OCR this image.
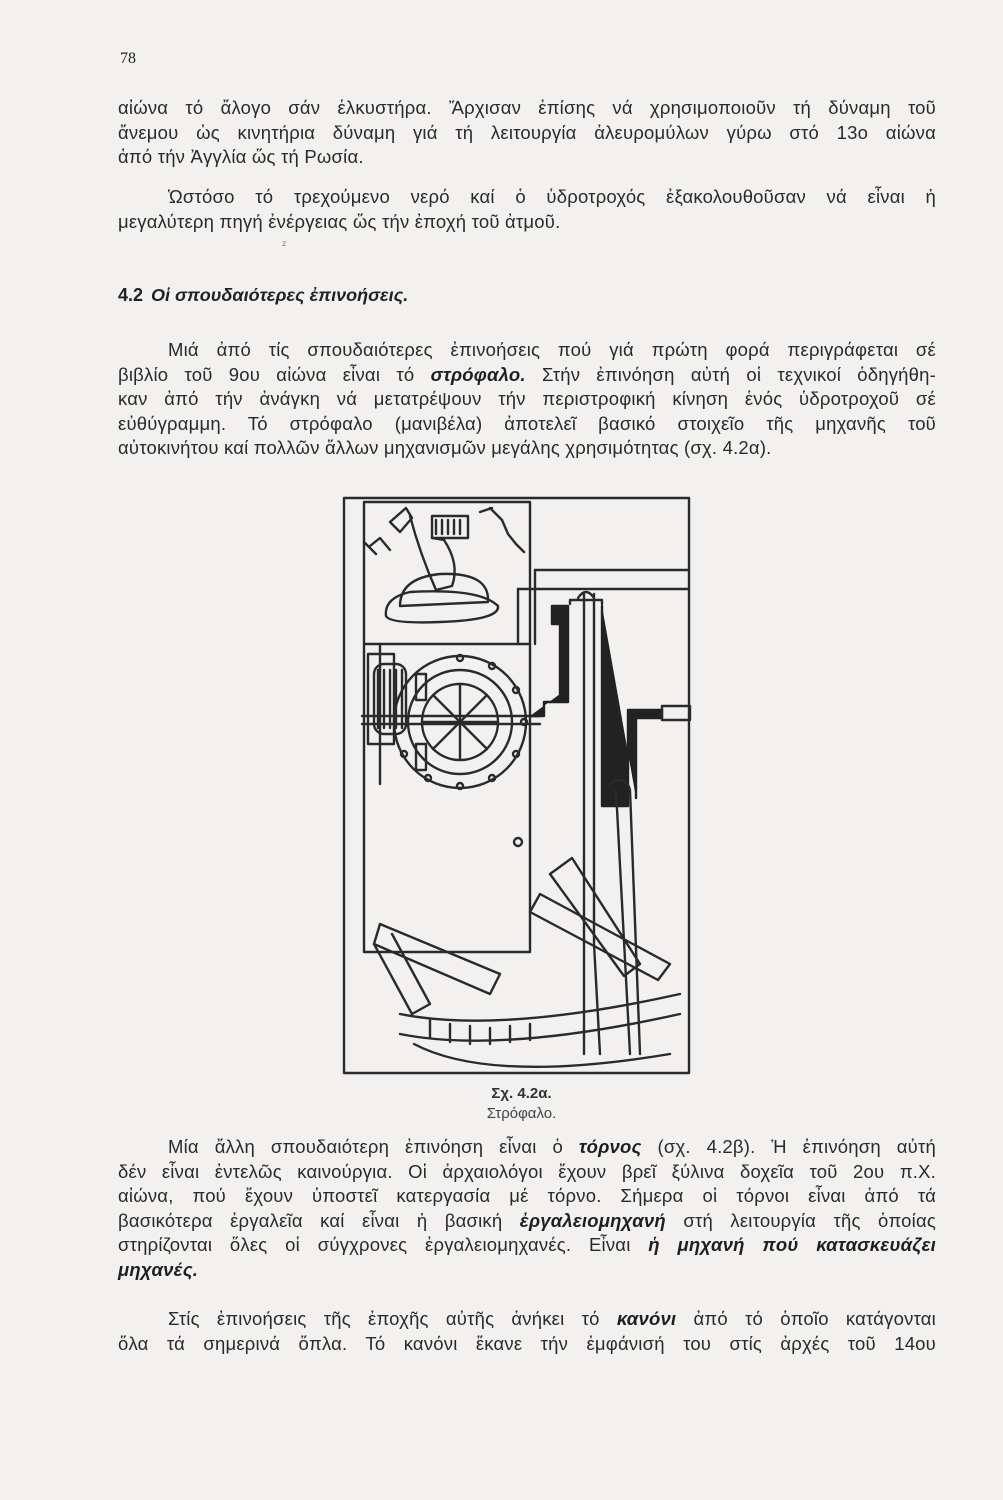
78
αἰώνα τό ἄλογο σάν ἑλκυστήρα. Ἄρχισαν ἐπίσης νά χρησιμοποιοῦν τή δύναμη τοῦ
ἄνεμου ὡς κινητήρια δύναμη γιά τή λειτουργία ἀλευρομύλων γύρω στό 13ο αἰώνα
ἀπό τήν Ἀγγλία ὥς τή Ρωσία.
Ὡστόσο τό τρεχούμενο νερό καί ὁ ὑδροτροχός ἐξακολουθοῦσαν νά εἶναι ἡ
μεγαλύτερη πηγή ἐνέργειας ὥς τήν ἐποχή τοῦ ἀτμοῦ.
ᶻ
4.2 Οἱ σπουδαιότερες ἐπινοήσεις.
Μιά ἀπό τίς σπουδαιότερες ἐπινοήσεις πού γιά πρώτη φορά περιγράφεται σέ
βιβλίο τοῦ 9ου αἰώνα εἶναι τό στρόφαλο. Στήν ἐπινόηση αὐτή οἱ τεχνικοί ὁδηγήθη-
καν ἀπό τήν ἀνάγκη νά μετατρέψουν τήν περιστροφική κίνηση ἑνός ὑδροτροχοῦ σέ
εὐθύγραμμη. Τό στρόφαλο (μανιβέλα) ἀποτελεῖ βασικό στοιχεῖο τῆς μηχανῆς τοῦ
αὐτοκινήτου καί πολλῶν ἄλλων μηχανισμῶν μεγάλης χρησιμότητας (σχ. 4.2α).
Σχ. 4.2α.
Στρόφαλο.
Μία ἄλλη σπουδαιότερη ἐπινόηση εἶναι ὁ τόρνος (σχ. 4.2β). Ἡ ἐπινόηση αὐτή
δέν εἶναι ἐντελῶς καινούργια. Οἱ ἀρχαιολόγοι ἔχουν βρεῖ ξύλινα δοχεῖα τοῦ 2ου π.Χ.
αἰώνα, πού ἔχουν ὑποστεῖ κατεργασία μέ τόρνο. Σήμερα οἱ τόρνοι εἶναι ἀπό τά
βασικότερα ἐργαλεῖα καί εἶναι ἡ βασική ἐργαλειομηχανή στή λειτουργία τῆς ὁποίας
στηρίζονται ὅλες οἱ σύγχρονες ἐργαλειομηχανές. Εἶναι ἡ μηχανή πού κατασκευάζει
μηχανές.
Στίς ἐπινοήσεις τῆς ἐποχῆς αὐτῆς ἀνήκει τό κανόνι ἀπό τό ὁποῖο κατάγονται
ὅλα τά σημερινά ὅπλα. Τό κανόνι ἔκανε τήν ἐμφάνισή του στίς ἀρχές τοῦ 14ου
